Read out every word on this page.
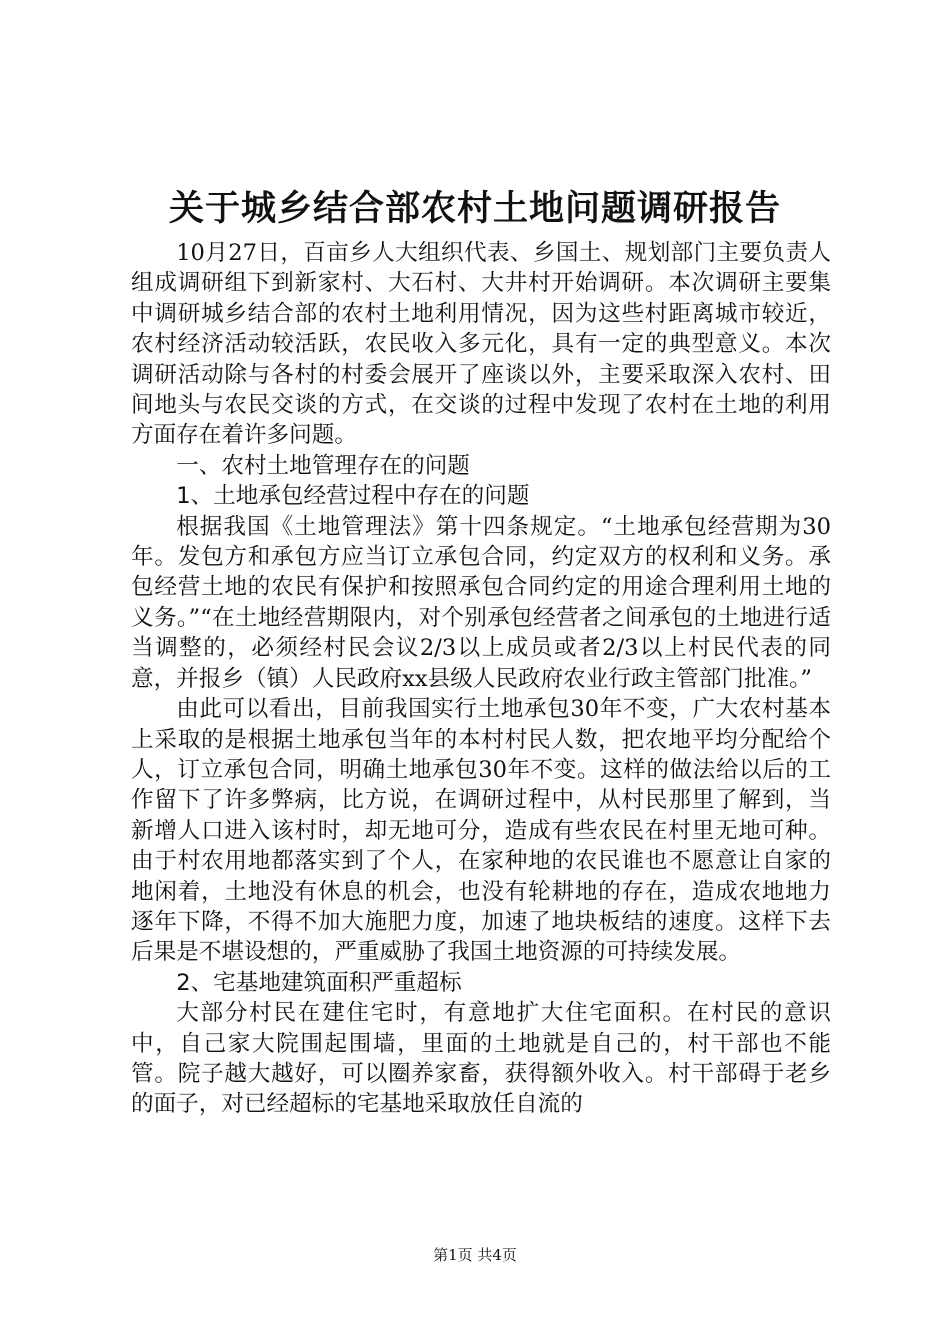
关于城乡结合部农村土地问题调研报告

10月27日，百亩乡人大组织代表、乡国土、规划部门主要负责人组成调研组下到新家村、大石村、大井村开始调研。本次调研主要集中调研城乡结合部的农村土地利用情况，因为这些村距离城市较近，农村经济活动较活跃，农民收入多元化，具有一定的典型意义。本次调研活动除与各村的村委会展开了座谈以外，主要采取深入农村、田间地头与农民交谈的方式，在交谈的过程中发现了农村在土地的利用方面存在着许多问题。

一、农村土地管理存在的问题
1、土地承包经营过程中存在的问题

根据我国《土地管理法》第十四条规定。“土地承包经营期为30年。发包方和承包方应当订立承包合同，约定双方的权利和义务。承包经营土地的农民有保护和按照承包合同约定的用途合理利用土地的义务。”“在土地经营期限内，对个别承包经营者之间承包的土地进行适当调整的，必须经村民会议2/3以上成员或者2/3以上村民代表的同意，并报乡（镇）人民政府xx县级人民政府农业行政主管部门批准。”

由此可以看出，目前我国实行土地承包30年不变，广大农村基本上采取的是根据土地承包当年的本村村民人数，把农地平均分配给个人，订立承包合同，明确土地承包30年不变。这样的做法给以后的工作留下了许多弊病，比方说，在调研过程中，从村民那里了解到，当新增人口进入该村时，却无地可分，造成有些农民在村里无地可种。由于村农用地都落实到了个人，在家种地的农民谁也不愿意让自家的地闲着，土地没有休息的机会，也没有轮耕地的存在，造成农地地力逐年下降，不得不加大施肥力度，加速了地块板结的速度。这样下去后果是不堪设想的，严重威胁了我国土地资源的可持续发展。

2、宅基地建筑面积严重超标

大部分村民在建住宅时，有意地扩大住宅面积。在村民的意识中，自己家大院围起围墙，里面的土地就是自己的，村干部也不能管。院子越大越好，可以圈养家畜，获得额外收入。村干部碍于老乡的面子，对已经超标的宅基地采取放任自流的

第1页 共4页
